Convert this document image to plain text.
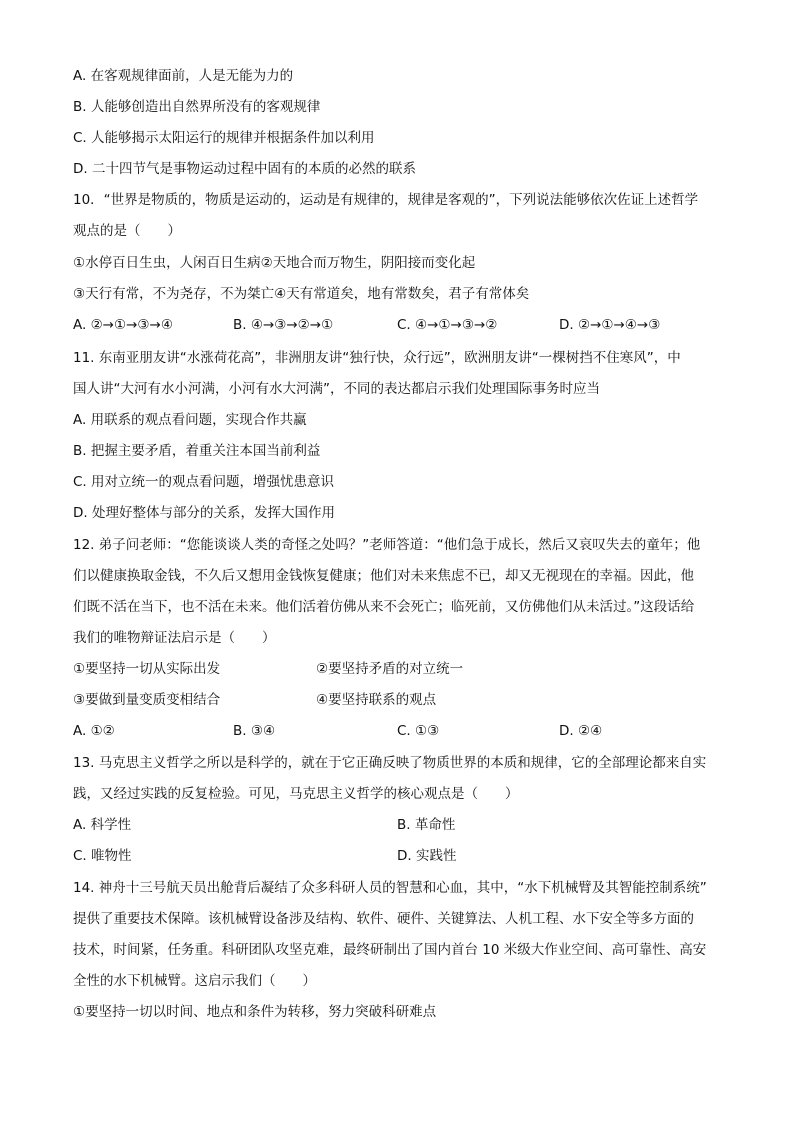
A. 在客观规律面前，人是无能为力的
B. 人能够创造出自然界所没有的客观规律
C. 人能够揭示太阳运行的规律并根据条件加以利用
D. 二十四节气是事物运动过程中固有的本质的必然的联系
10．“世界是物质的，物质是运动的，运动是有规律的，规律是客观的”，下列说法能够依次佐证上述哲学
观点的是（　　）
①水停百日生虫，人闲百日生病②天地合而万物生，阴阳接而变化起
③天行有常，不为尧存，不为桀亡④天有常道矣，地有常数矣，君子有常体矣
A. ②→①→③→④	B. ④→③→②→①	C. ④→①→③→②	D. ②→①→④→③
11. 东南亚朋友讲“水涨荷花高”，非洲朋友讲“独行快，众行远”，欧洲朋友讲“一棵树挡不住寒风”，中
国人讲“大河有水小河满，小河有水大河满”，不同的表达都启示我们处理国际事务时应当
A. 用联系的观点看问题，实现合作共赢
B. 把握主要矛盾，着重关注本国当前利益
C. 用对立统一的观点看问题，增强忧患意识
D. 处理好整体与部分的关系，发挥大国作用
12. 弟子问老师：“您能谈谈人类的奇怪之处吗？”老师答道：“他们急于成长，然后又哀叹失去的童年；他
们以健康换取金钱，不久后又想用金钱恢复健康；他们对未来焦虑不已，却又无视现在的幸福。因此，他
们既不活在当下，也不活在未来。他们活着仿佛从来不会死亡；临死前，又仿佛他们从未活过。”这段话给
我们的唯物辩证法启示是（　　）
①要坚持一切从实际出发	②要坚持矛盾的对立统一
③要做到量变质变相结合	④要坚持联系的观点
A. ①②	B. ③④	C. ①③	D. ②④
13. 马克思主义哲学之所以是科学的，就在于它正确反映了物质世界的本质和规律，它的全部理论都来自实
践，又经过实践的反复检验。可见，马克思主义哲学的核心观点是（　　）
A. 科学性	B. 革命性
C. 唯物性	D. 实践性
14. 神舟十三号航天员出舱背后凝结了众多科研人员的智慧和心血，其中，“水下机械臂及其智能控制系统”
提供了重要技术保障。该机械臂设备涉及结构、软件、硬件、关键算法、人机工程、水下安全等多方面的
技术，时间紧，任务重。科研团队攻坚克难，最终研制出了国内首台 10 米级大作业空间、高可靠性、高安
全性的水下机械臂。这启示我们（　　）
①要坚持一切以时间、地点和条件为转移，努力突破科研难点
